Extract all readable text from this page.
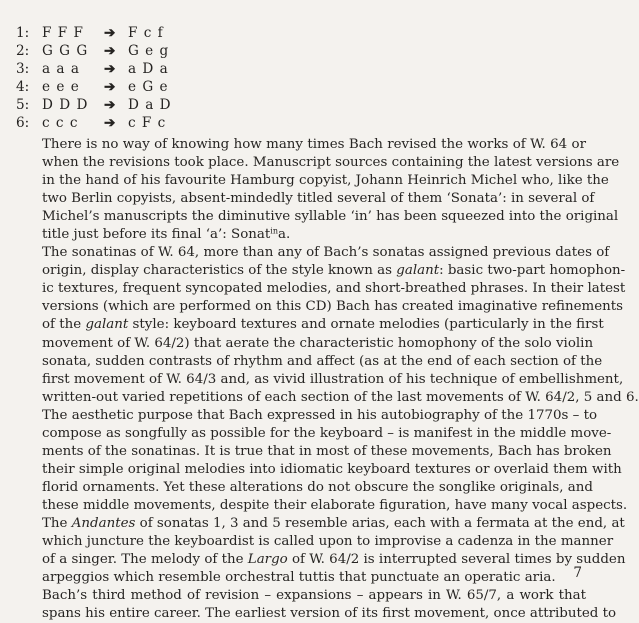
1: F F F	➔ F c f
2: G G G	➔ G e g
3: a a a	➔ a D a
4: e e e	➔ e G e
5: D D D	➔ D a D
6: c c c	➔ c F c
There is no way of knowing how many times Bach revised the works of W. 64 or
when the revisions took place. Manuscript sources containing the latest versions are
in the hand of his favourite Hamburg copyist, Johann Heinrich Michel who, like the
two Berlin copyists, absent-mindedly titled several of them ‘Sonata’: in several of
Michel’s manuscripts the diminutive syllable ‘in’ has been squeezed into the original
title just before its final ‘a’: Sonat$^{in}$a.
The sonatinas of W. 64, more than any of Bach’s sonatas assigned previous dates of
origin, display characteristics of the style known as galant: basic two-part homophon-
ic textures, frequent syncopated melodies, and short-breathed phrases. In their latest
versions (which are performed on this CD) Bach has created imaginative refinements
of the galant style: keyboard textures and ornate melodies (particularly in the first
movement of W. 64/2) that aerate the characteristic homophony of the solo violin
sonata, sudden contrasts of rhythm and affect (as at the end of each section of the
first movement of W. 64/3 and, as vivid illustration of his technique of embellishment,
written-out varied repetitions of each section of the last movements of W. 64/2, 5 and 6.
The aesthetic purpose that Bach expressed in his autobiography of the 1770s – to
compose as songfully as possible for the keyboard – is manifest in the middle move-
ments of the sonatinas. It is true that in most of these movements, Bach has broken
their simple original melodies into idiomatic keyboard textures or overlaid them with
florid ornaments. Yet these alterations do not obscure the songlike originals, and
these middle movements, despite their elaborate figuration, have many vocal aspects.
The Andantes of sonatas 1, 3 and 5 resemble arias, each with a fermata at the end, at
which juncture the keyboardist is called upon to improvise a cadenza in the manner
of a singer. The melody of the Largo of W. 64/2 is interrupted several times by sudden
arpeggios which resemble orchestral tuttis that punctuate an operatic aria.
Bach’s third method of revision – expansions – appears in W. 65/7, a work that
spans his entire career. The earliest version of its first movement, once attributed to
7
